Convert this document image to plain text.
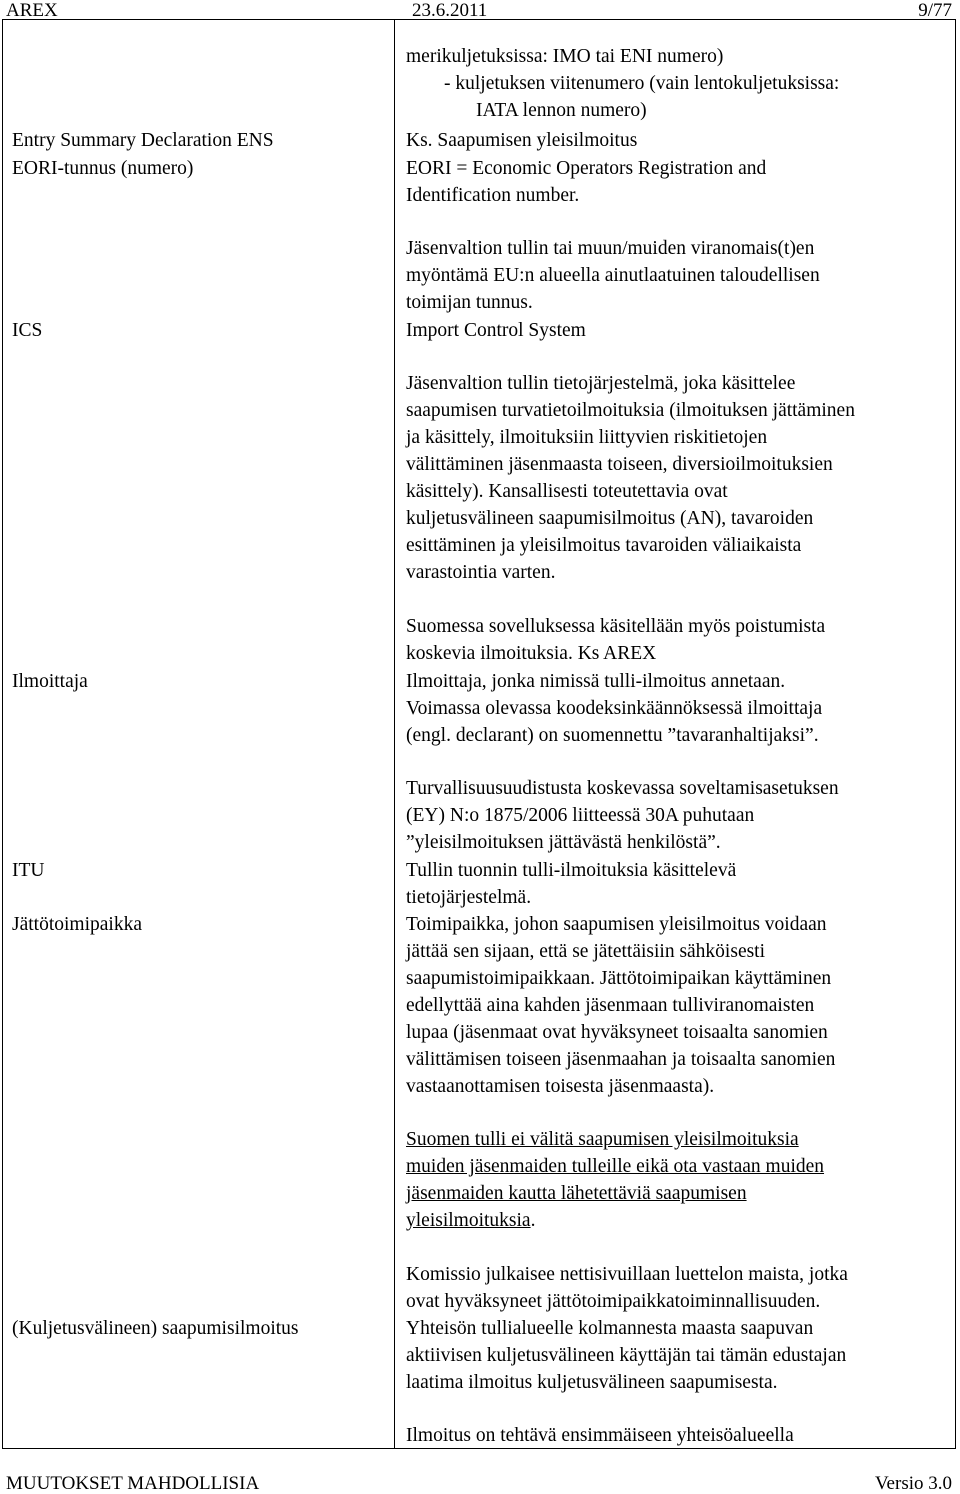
AREX	23.6.2011	9/77
merikuljetuksissa: IMO tai ENI numero)
- kuljetuksen viitenumero (vain lentokuljetuksissa:
IATA lennon numero)
Entry Summary Declaration ENS	Ks. Saapumisen yleisilmoitus
EORI-tunnus (numero)	EORI = Economic Operators Registration and
Identification number.
Jäsenvaltion tullin tai muun/muiden viranomais(t)en
myöntämä EU:n alueella ainutlaatuinen taloudellisen
toimijan tunnus.
ICS	Import Control System
Jäsenvaltion tullin tietojärjestelmä, joka käsittelee
saapumisen turvatietoilmoituksia (ilmoituksen jättäminen
ja käsittely, ilmoituksiin liittyvien riskitietojen
välittäminen jäsenmaasta toiseen, diversioilmoituksien
käsittely). Kansallisesti toteutettavia ovat
kuljetusvälineen saapumisilmoitus (AN), tavaroiden
esittäminen ja yleisilmoitus tavaroiden väliaikaista
varastointia varten.
Suomessa sovelluksessa käsitellään myös poistumista
koskevia ilmoituksia. Ks AREX
Ilmoittaja	Ilmoittaja, jonka nimissä tulli-ilmoitus annetaan.
Voimassa olevassa koodeksinkäännöksessä ilmoittaja
(engl. declarant) on suomennettu ”tavaranhaltijaksi”.
Turvallisuusuudistusta koskevassa soveltamisasetuksen
(EY) N:o 1875/2006 liitteessä 30A puhutaan
”yleisilmoituksen jättävästä henkilöstä”.
ITU	Tullin tuonnin tulli-ilmoituksia käsittelevä
tietojärjestelmä.
Jättötoimipaikka	Toimipaikka, johon saapumisen yleisilmoitus voidaan
jättää sen sijaan, että se jätettäisiin sähköisesti
saapumistoimipaikkaan. Jättötoimipaikan käyttäminen
edellyttää aina kahden jäsenmaan tulliviranomaisten
lupaa (jäsenmaat ovat hyväksyneet toisaalta sanomien
välittämisen toiseen jäsenmaahan ja toisaalta sanomien
vastaanottamisen toisesta jäsenmaasta).
Suomen tulli ei välitä saapumisen yleisilmoituksia
muiden jäsenmaiden tulleille eikä ota vastaan muiden
jäsenmaiden kautta lähetettäviä saapumisen
yleisilmoituksia.
Komissio julkaisee nettisivuillaan luettelon maista, jotka
ovat hyväksyneet jättötoimipaikkatoiminnallisuuden.
(Kuljetusvälineen) saapumisilmoitus	Yhteisön tullialueelle kolmannesta maasta saapuvan
aktiivisen kuljetusvälineen käyttäjän tai tämän edustajan
laatima ilmoitus kuljetusvälineen saapumisesta.
Ilmoitus on tehtävä ensimmäiseen yhteisöalueella
MUUTOKSET MAHDOLLISIA	Versio 3.0
